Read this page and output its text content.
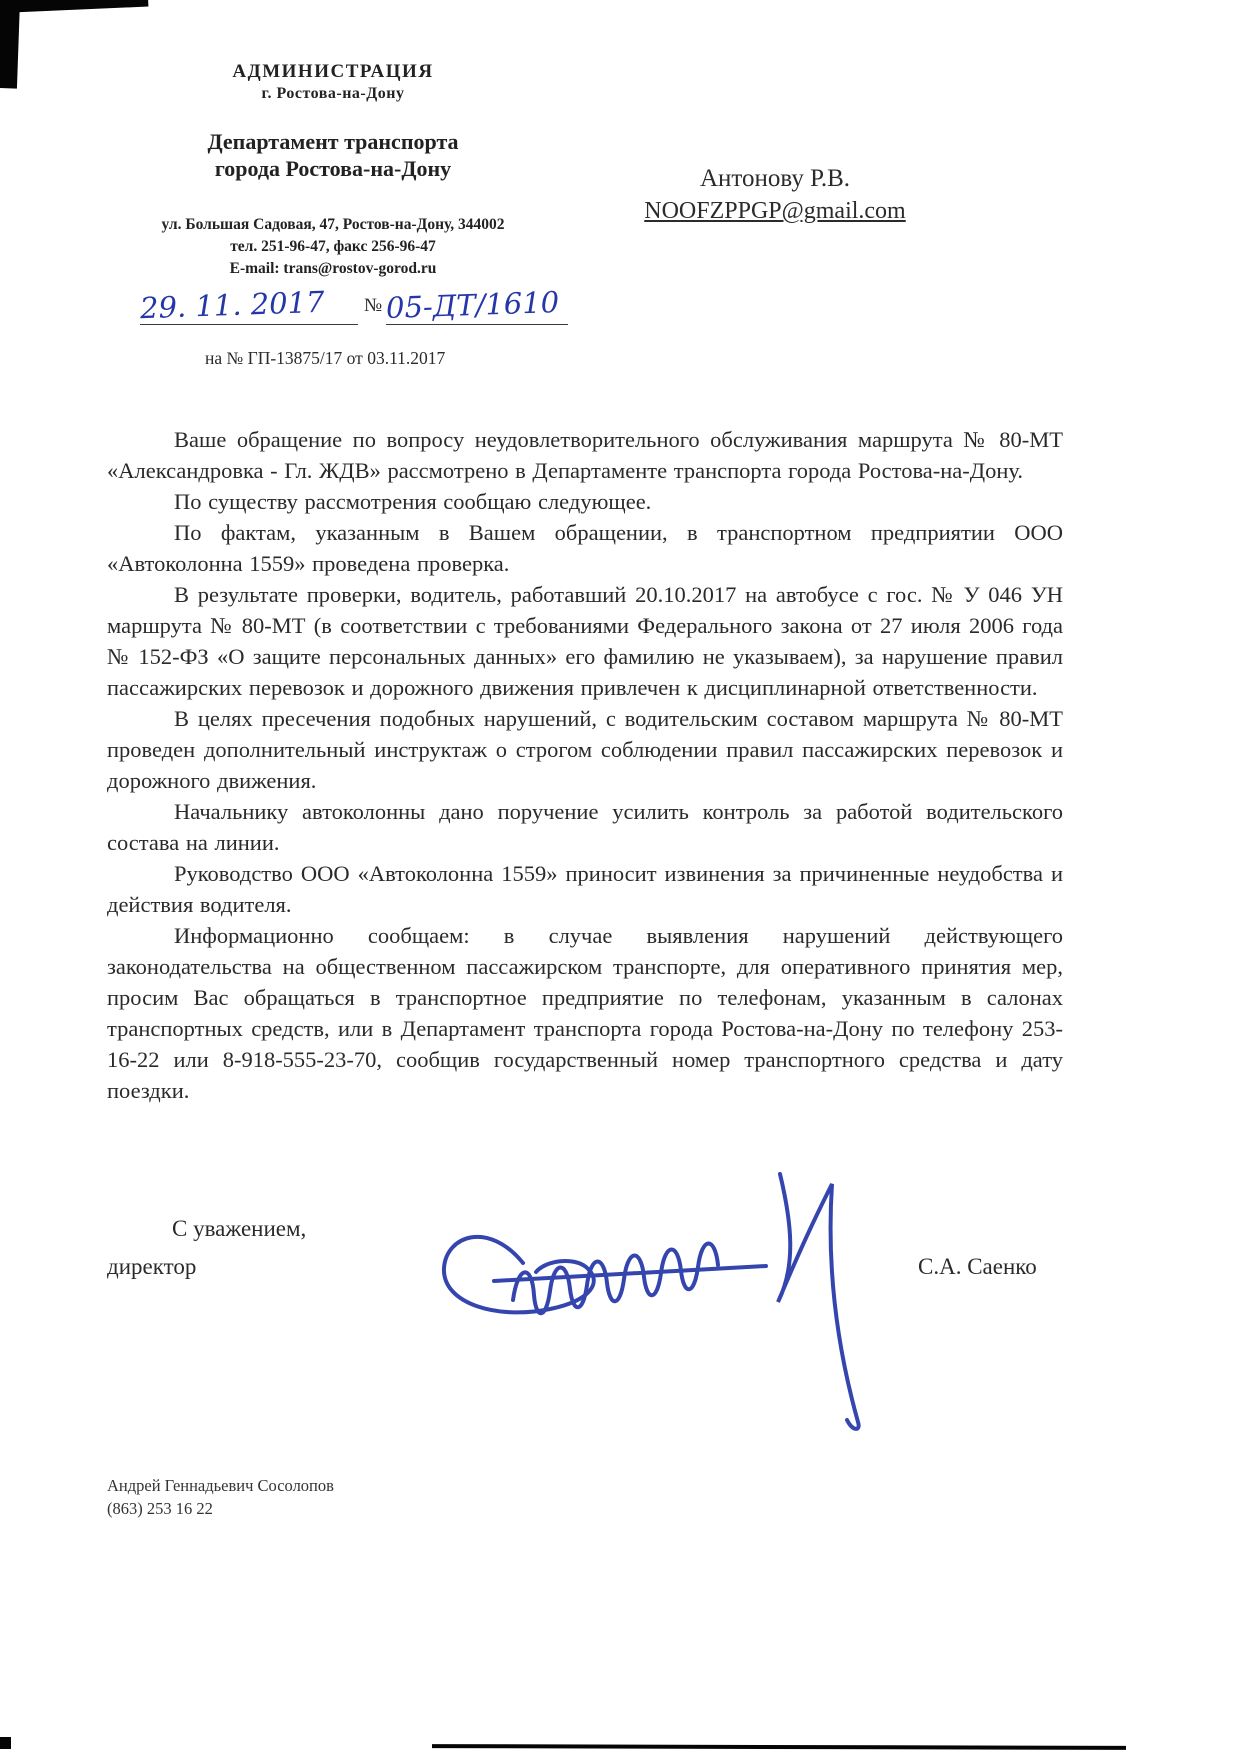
АДМИНИСТРАЦИЯ
г. Ростова-на-Дону
Департамент транспорта
города Ростова-на-Дону
ул. Большая Садовая, 47, Ростов-на-Дону, 344002
тел. 251-96-47, факс 256-96-47
E-mail: trans@rostov-gorod.ru
Антонову Р.В.
NOOFZPPGP@gmail.com
29. 11. 2017 № 05-ДТ/1610
на № ГП-13875/17 от 03.11.2017

Ваше обращение по вопросу неудовлетворительного обслуживания маршрута № 80-МТ «Александровка - Гл. ЖДВ» рассмотрено в Департаменте транспорта города Ростова-на-Дону.

По существу рассмотрения сообщаю следующее.

По фактам, указанным в Вашем обращении, в транспортном предприятии ООО «Автоколонна 1559» проведена проверка.

В результате проверки, водитель, работавший 20.10.2017 на автобусе с гос. № У 046 УН маршрута № 80-МТ (в соответствии с требованиями Федерального закона от 27 июля 2006 года № 152-ФЗ «О защите персональных данных» его фамилию не указываем), за нарушение правил пассажирских перевозок и дорожного движения привлечен к дисциплинарной ответственности.

В целях пресечения подобных нарушений, с водительским составом маршрута № 80-МТ проведен дополнительный инструктаж о строгом соблюдении правил пассажирских перевозок и дорожного движения.

Начальнику автоколонны дано поручение усилить контроль за работой водительского состава на линии.

Руководство ООО «Автоколонна 1559» приносит извинения за причиненные неудобства и действия водителя.

Информационно сообщаем: в случае выявления нарушений действующего законодательства на общественном пассажирском транспорте, для оперативного принятия мер, просим Вас обращаться в транспортное предприятие по телефонам, указанным в салонах транспортных средств, или в Департамент транспорта города Ростова-на-Дону по телефону 253-16-22 или 8-918-555-23-70, сообщив государственный номер транспортного средства и дату поездки.

С уважением,
директор	С.А. Саенко
Андрей Геннадьевич Сосолопов
(863) 253 16 22
